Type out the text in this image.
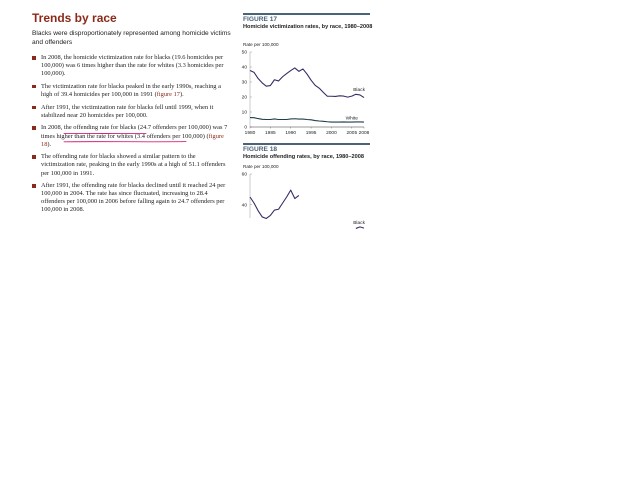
Trends by race
Blacks were disproportionately represented among homicide victims and offenders
In 2008, the homicide victimization rate for blacks (19.6 homicides per 100,000) was 6 times higher than the rate for whites (3.3 homicides per 100,000).
The victimization rate for blacks peaked in the early 1990s, reaching a high of 39.4 homicides per 100,000 in 1991 (figure 17).
After 1991, the victimization rate for blacks fell until 1999, when it stabilized near 20 homicides per 100,000.
In 2008, the offending rate for blacks (24.7 offenders per 100,000) was 7 times higher than the rate for whites (3.4 offenders per 100,000) (figure 18).
The offending rate for blacks showed a similar pattern to the victimization rate, peaking in the early 1990s at a high of 51.1 offenders per 100,000 in 1991.
After 1991, the offending rate for blacks declined until it reached 24 per 100,000 in 2004. The rate has since fluctuated, increasing to 28.4 offenders per 100,000 in 2006 before falling again to 24.7 offenders per 100,000 in 2008.
FIGURE 17
Homicide victimization rates, by race, 1980–2008
Rate per 100,000
0
10
20
30
40
50
1980 1985 1990 1995 2000 2005 2008
Black
White
FIGURE 18
Homicide offending rates, by race, 1980–2008
Rate per 100,000
40
60
Black
